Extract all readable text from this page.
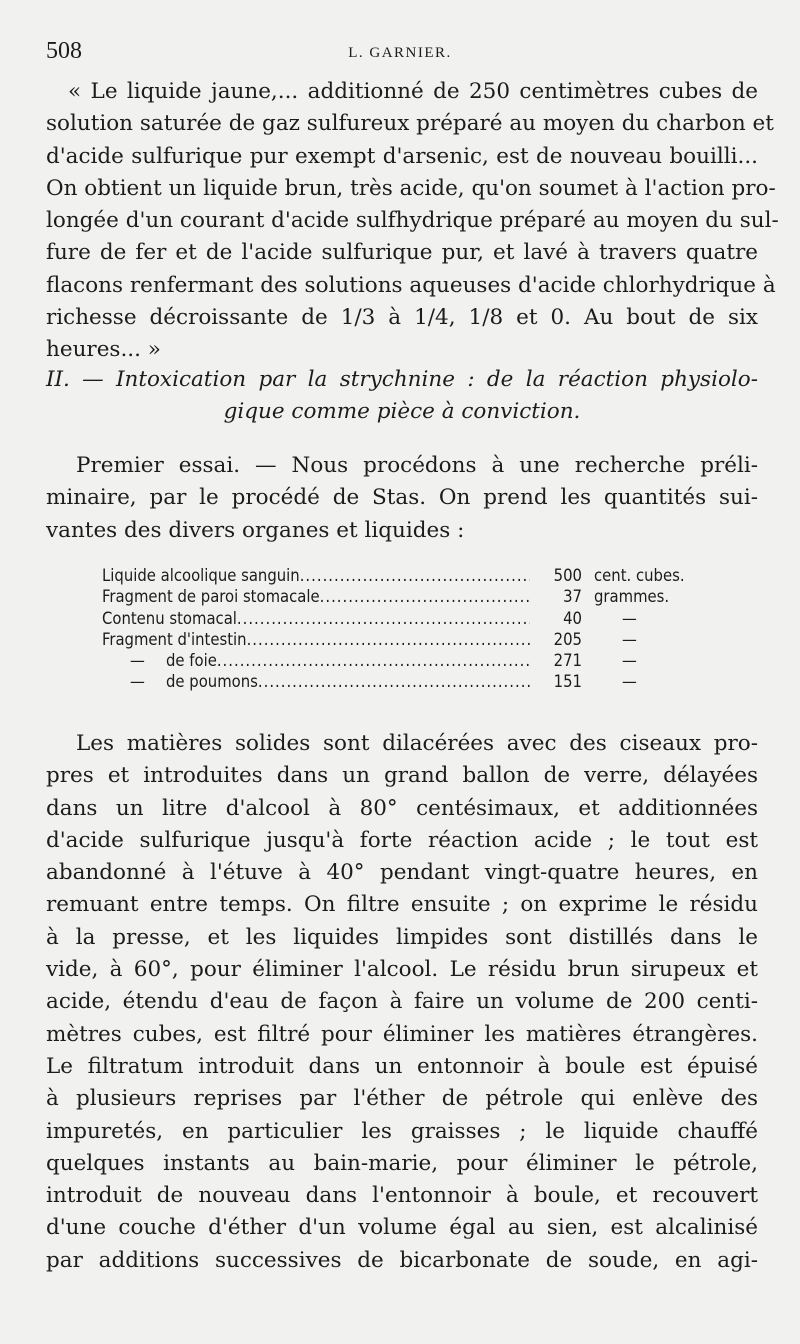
508	L. GARNIER.

« Le liquide jaune,... additionné de 250 centimètres cubes de

solution saturée de gaz sulfureux préparé au moyen du charbon et

d'acide sulfurique pur exempt d'arsenic, est de nouveau bouilli...

On obtient un liquide brun, très acide, qu'on soumet à l'action pro-

longée d'un courant d'acide sulfhydrique préparé au moyen du sul-

fure de fer et de l'acide sulfurique pur, et lavé à travers quatre

flacons renfermant des solutions aqueuses d'acide chlorhydrique à

richesse décroissante de 1/3 à 1/4, 1/8 et 0. Au bout de six

heures... »

II. — Intoxication par la strychnine : de la réaction physiolo-

gique comme pièce à conviction.

Premier essai. — Nous procédons à une recherche préli-

minaire, par le procédé de Stas. On prend les quantités sui-

vantes des divers organes et liquides :

Liquide alcoolique sanguin .....	500 cent. cubes.
Fragment de paroi stomacale .....	37 grammes.
Contenu stomacal .....	40	—
Fragment d'intestin .....	205	—
— de foie .....	271	—
— de poumons .....	151	—

Les matières solides sont dilacérées avec des ciseaux pro-

pres et introduites dans un grand ballon de verre, délayées

dans un litre d'alcool à 80° centésimaux, et additionnées

d'acide sulfurique jusqu'à forte réaction acide ; le tout est

abandonné à l'étuve à 40° pendant vingt-quatre heures, en

remuant entre temps. On filtre ensuite ; on exprime le résidu

à la presse, et les liquides limpides sont distillés dans le

vide, à 60°, pour éliminer l'alcool. Le résidu brun sirupeux et

acide, étendu d'eau de façon à faire un volume de 200 centi-

mètres cubes, est filtré pour éliminer les matières étrangères.

Le filtratum introduit dans un entonnoir à boule est épuisé

à plusieurs reprises par l'éther de pétrole qui enlève des

impuretés, en particulier les graisses ; le liquide chauffé

quelques instants au bain-marie, pour éliminer le pétrole,

introduit de nouveau dans l'entonnoir à boule, et recouvert

d'une couche d'éther d'un volume égal au sien, est alcalinisé

par additions successives de bicarbonate de soude, en agi-
